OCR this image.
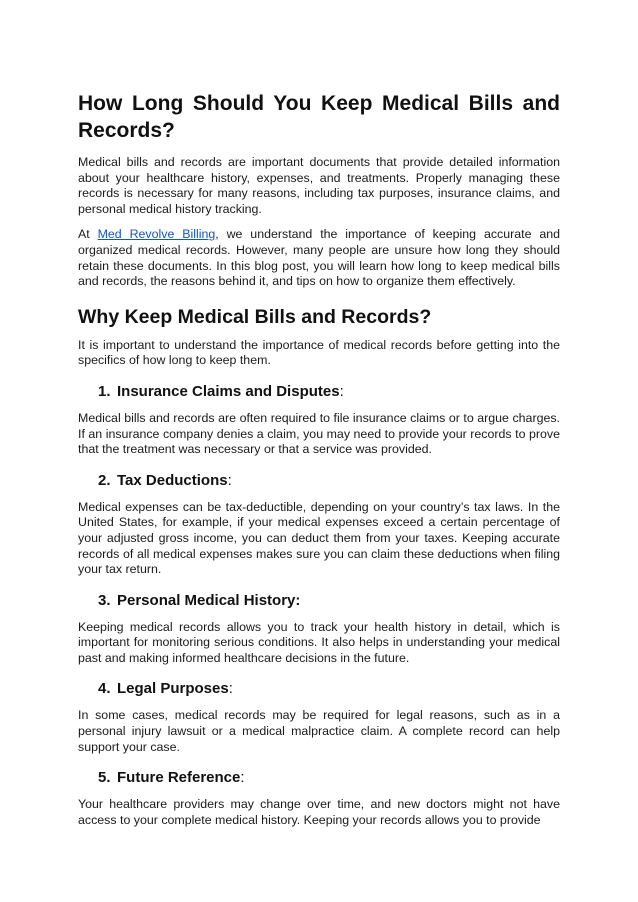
How Long Should You Keep Medical Bills and Records?

Medical bills and records are important documents that provide detailed information about your healthcare history, expenses, and treatments. Properly managing these records is necessary for many reasons, including tax purposes, insurance claims, and personal medical history tracking.

At Med Revolve Billing, we understand the importance of keeping accurate and organized medical records. However, many people are unsure how long they should retain these documents. In this blog post, you will learn how long to keep medical bills and records, the reasons behind it, and tips on how to organize them effectively.

Why Keep Medical Bills and Records?

It is important to understand the importance of medical records before getting into the specifics of how long to keep them.

1. Insurance Claims and Disputes :

Medical bills and records are often required to file insurance claims or to argue charges. If an insurance company denies a claim, you may need to provide your records to prove that the treatment was necessary or that a service was provided.

2. Tax Deductions :

Medical expenses can be tax-deductible, depending on your country’s tax laws. In the United States, for example, if your medical expenses exceed a certain percentage of your adjusted gross income, you can deduct them from your taxes. Keeping accurate records of all medical expenses makes sure you can claim these deductions when filing your tax return.

3. Personal Medical History:

Keeping medical records allows you to track your health history in detail, which is important for monitoring serious conditions. It also helps in understanding your medical past and making informed healthcare decisions in the future.

4. Legal Purposes :

In some cases, medical records may be required for legal reasons, such as in a personal injury lawsuit or a medical malpractice claim. A complete record can help support your case.

5. Future Reference :

Your healthcare providers may change over time, and new doctors might not have access to your complete medical history. Keeping your records allows you to provide
